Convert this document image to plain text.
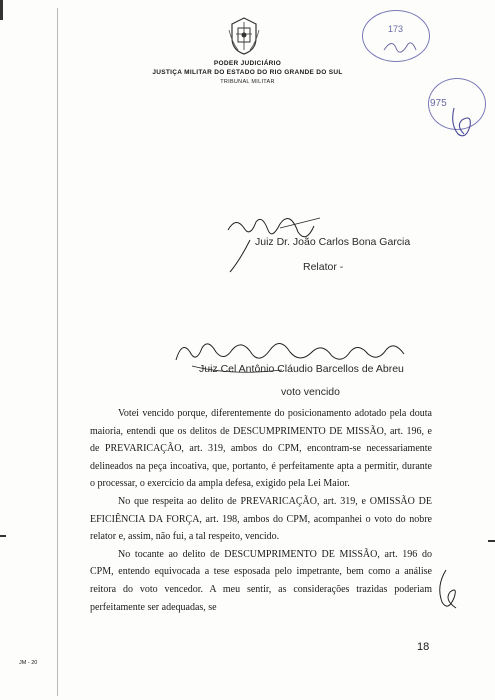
PODER JUDICIÁRIO
JUSTIÇA MILITAR DO ESTADO DO RIO GRANDE DO SUL
TRIBUNAL MILITAR
173
975
Juiz Dr. João Carlos Bona Garcia
Relator -
Juiz Cel Antônio Cláudio Barcellos de Abreu
voto vencido

Votei vencido porque, diferentemente do posicionamento adotado pela douta maioria, entendi que os delitos de DESCUMPRIMENTO DE MISSÃO, art. 196, e de PREVARICAÇÃO, art. 319, ambos do CPM, encontram-se necessariamente delineados na peça incoativa, que, portanto, é perfeitamente apta a permitir, durante o processar, o exercício da ampla defesa, exigido pela Lei Maior.

No que respeita ao delito de PREVARICAÇÃO, art. 319, e OMISSÃO DE EFICIÊNCIA DA FORÇA, art. 198, ambos do CPM, acompanhei o voto do nobre relator e, assim, não fui, a tal respeito, vencido.

No tocante ao delito de DESCUMPRIMENTO DE MISSÃO, art. 196 do CPM, entendo equivocada a tese esposada pelo impetrante, bem como a análise reitora do voto vencedor. A meu sentir, as considerações trazidas poderiam perfeitamente ser adequadas, se

18
JM - 20
